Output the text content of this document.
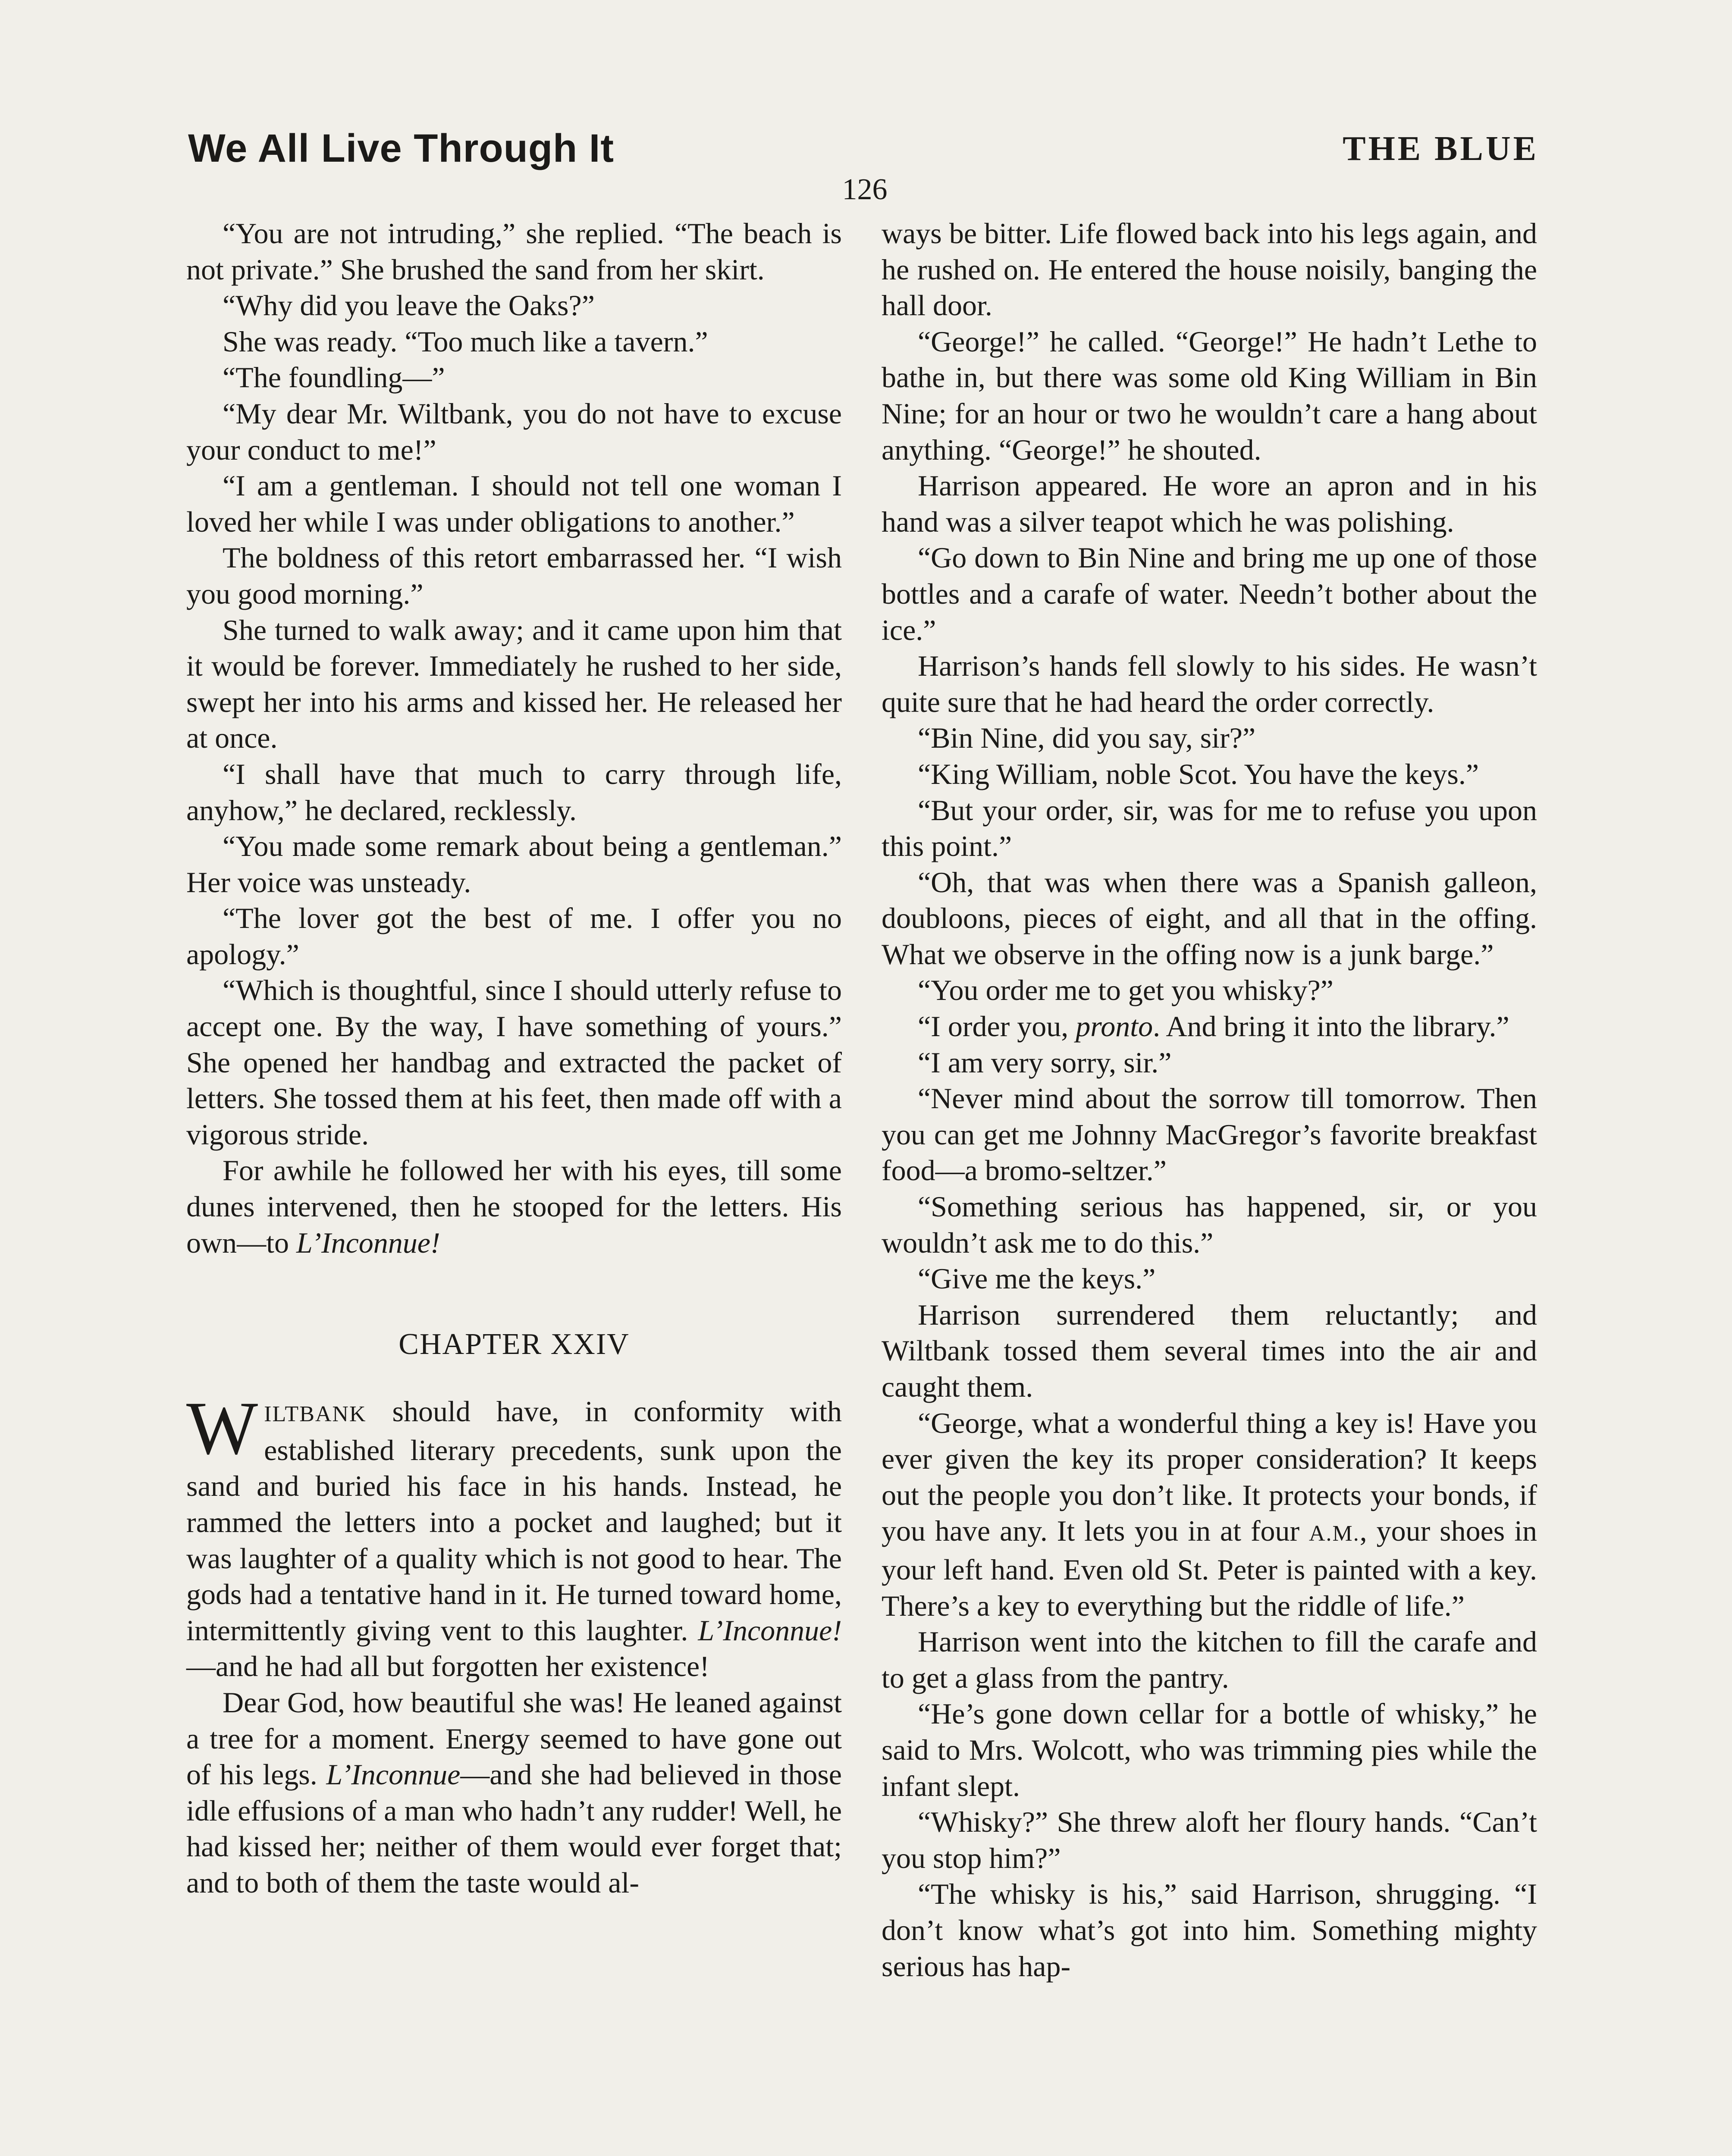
We All Live Through It	THE BLUE
126

“You are not intruding,” she replied. “The beach is not private.” She brushed the sand from her skirt.

“Why did you leave the Oaks?”

She was ready. “Too much like a tavern.”

“The foundling—”

“My dear Mr. Wiltbank, you do not have to excuse your conduct to me!”

“I am a gentleman. I should not tell one woman I loved her while I was under obligations to another.”

The boldness of this retort embarrassed her. “I wish you good morning.”

She turned to walk away; and it came upon him that it would be forever. Immediately he rushed to her side, swept her into his arms and kissed her. He released her at once.

“I shall have that much to carry through life, anyhow,” he declared, recklessly.

“You made some remark about being a gentleman.” Her voice was unsteady.

“The lover got the best of me. I offer you no apology.”

“Which is thoughtful, since I should utterly refuse to accept one. By the way, I have something of yours.” She opened her handbag and extracted the packet of letters. She tossed them at his feet, then made off with a vigorous stride.

For awhile he followed her with his eyes, till some dunes intervened, then he stooped for the letters. His own—to L’Inconnue!

CHAPTER XXIV

WILTBANK should have, in conformity with established literary precedents, sunk upon the sand and buried his face in his hands. Instead, he rammed the letters into a pocket and laughed; but it was laughter of a quality which is not good to hear. The gods had a tentative hand in it. He turned toward home, intermittently giving vent to this laughter. L’Inconnue!—and he had all but forgotten her existence!

Dear God, how beautiful she was! He leaned against a tree for a moment. Energy seemed to have gone out of his legs. L’Inconnue—and she had believed in those idle effusions of a man who hadn’t any rudder! Well, he had kissed her; neither of them would ever forget that; and to both of them the taste would al-

ways be bitter. Life flowed back into his legs again, and he rushed on. He entered the house noisily, banging the hall door.

“George!” he called. “George!” He hadn’t Lethe to bathe in, but there was some old King William in Bin Nine; for an hour or two he wouldn’t care a hang about anything. “George!” he shouted.

Harrison appeared. He wore an apron and in his hand was a silver teapot which he was polishing.

“Go down to Bin Nine and bring me up one of those bottles and a carafe of water. Needn’t bother about the ice.”

Harrison’s hands fell slowly to his sides. He wasn’t quite sure that he had heard the order correctly.

“Bin Nine, did you say, sir?”

“King William, noble Scot. You have the keys.”

“But your order, sir, was for me to refuse you upon this point.”

“Oh, that was when there was a Spanish galleon, doubloons, pieces of eight, and all that in the offing. What we observe in the offing now is a junk barge.”

“You order me to get you whisky?”

“I order you, pronto. And bring it into the library.”

“I am very sorry, sir.”

“Never mind about the sorrow till tomorrow. Then you can get me Johnny MacGregor’s favorite breakfast food—a bromo-seltzer.”

“Something serious has happened, sir, or you wouldn’t ask me to do this.”

“Give me the keys.”

Harrison surrendered them reluctantly; and Wiltbank tossed them several times into the air and caught them.

“George, what a wonderful thing a key is! Have you ever given the key its proper consideration? It keeps out the people you don’t like. It protects your bonds, if you have any. It lets you in at four A.M., your shoes in your left hand. Even old St. Peter is painted with a key. There’s a key to everything but the riddle of life.”

Harrison went into the kitchen to fill the carafe and to get a glass from the pantry.

“He’s gone down cellar for a bottle of whisky,” he said to Mrs. Wolcott, who was trimming pies while the infant slept.

“Whisky?” She threw aloft her floury hands. “Can’t you stop him?”

“The whisky is his,” said Harrison, shrugging. “I don’t know what’s got into him. Something mighty serious has hap-
